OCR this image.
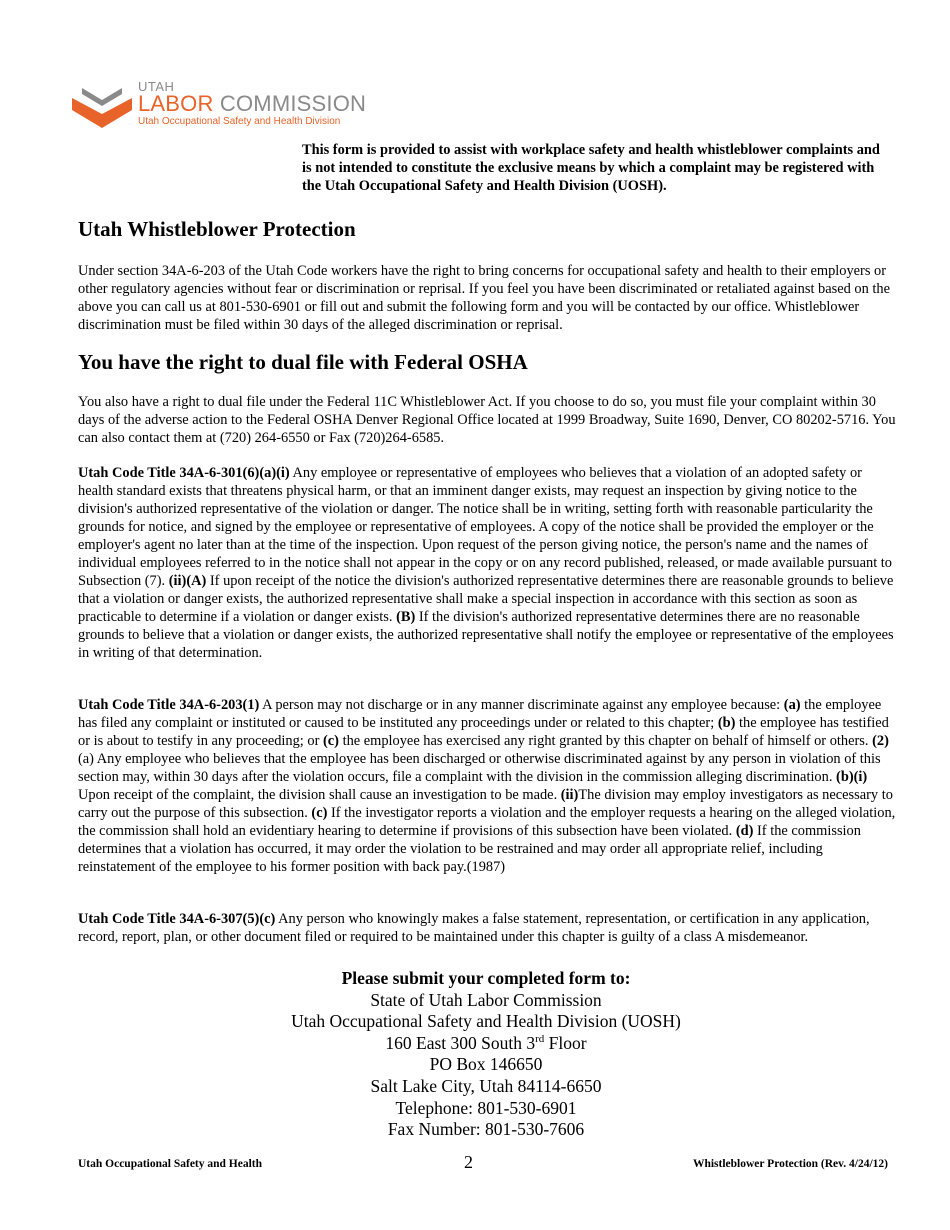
UTAH
LABOR COMMISSION
Utah Occupational Safety and Health Division
This form is provided to assist with workplace safety and health whistleblower complaints and is not intended to constitute the exclusive means by which a complaint may be registered with the Utah Occupational Safety and Health Division (UOSH).
Utah Whistleblower Protection

Under section 34A-6-203 of the Utah Code workers have the right to bring concerns for occupational safety and health to their employers or other regulatory agencies without fear or discrimination or reprisal. If you feel you have been discriminated or retaliated against based on the above you can call us at 801-530-6901 or fill out and submit the following form and you will be contacted by our office. Whistleblower discrimination must be filed within 30 days of the alleged discrimination or reprisal.

You have the right to dual file with Federal OSHA

You also have a right to dual file under the Federal 11C Whistleblower Act. If you choose to do so, you must file your complaint within 30 days of the adverse action to the Federal OSHA Denver Regional Office located at 1999 Broadway, Suite 1690, Denver, CO 80202-5716. You can also contact them at (720) 264-6550 or Fax (720)264-6585.

Utah Code Title 34A-6-301(6)(a)(i) Any employee or representative of employees who believes that a violation of an adopted safety or health standard exists that threatens physical harm, or that an imminent danger exists, may request an inspection by giving notice to the division's authorized representative of the violation or danger. The notice shall be in writing, setting forth with reasonable particularity the grounds for notice, and signed by the employee or representative of employees. A copy of the notice shall be provided the employer or the employer's agent no later than at the time of the inspection. Upon request of the person giving notice, the person's name and the names of individual employees referred to in the notice shall not appear in the copy or on any record published, released, or made available pursuant to Subsection (7). (ii)(A) If upon receipt of the notice the division's authorized representative determines there are reasonable grounds to believe that a violation or danger exists, the authorized representative shall make a special inspection in accordance with this section as soon as practicable to determine if a violation or danger exists. (B) If the division's authorized representative determines there are no reasonable grounds to believe that a violation or danger exists, the authorized representative shall notify the employee or representative of the employees in writing of that determination.

Utah Code Title 34A-6-203(1) A person may not discharge or in any manner discriminate against any employee because: (a) the employee has filed any complaint or instituted or caused to be instituted any proceedings under or related to this chapter; (b) the employee has testified or is about to testify in any proceeding; or (c) the employee has exercised any right granted by this chapter on behalf of himself or others. (2) (a) Any employee who believes that the employee has been discharged or otherwise discriminated against by any person in violation of this section may, within 30 days after the violation occurs, file a complaint with the division in the commission alleging discrimination. (b)(i) Upon receipt of the complaint, the division shall cause an investigation to be made. (ii)The division may employ investigators as necessary to carry out the purpose of this subsection. (c) If the investigator reports a violation and the employer requests a hearing on the alleged violation, the commission shall hold an evidentiary hearing to determine if provisions of this subsection have been violated. (d) If the commission determines that a violation has occurred, it may order the violation to be restrained and may order all appropriate relief, including reinstatement of the employee to his former position with back pay.(1987)

Utah Code Title 34A-6-307(5)(c) Any person who knowingly makes a false statement, representation, or certification in any application, record, report, plan, or other document filed or required to be maintained under this chapter is guilty of a class A misdemeanor.

Please submit your completed form to:
State of Utah Labor Commission
Utah Occupational Safety and Health Division (UOSH)
160 East 300 South 3rd Floor
PO Box 146650
Salt Lake City, Utah 84114-6650
Telephone: 801-530-6901
Fax Number: 801-530-7606
Utah Occupational Safety and Health	2	Whistleblower Protection (Rev. 4/24/12)
